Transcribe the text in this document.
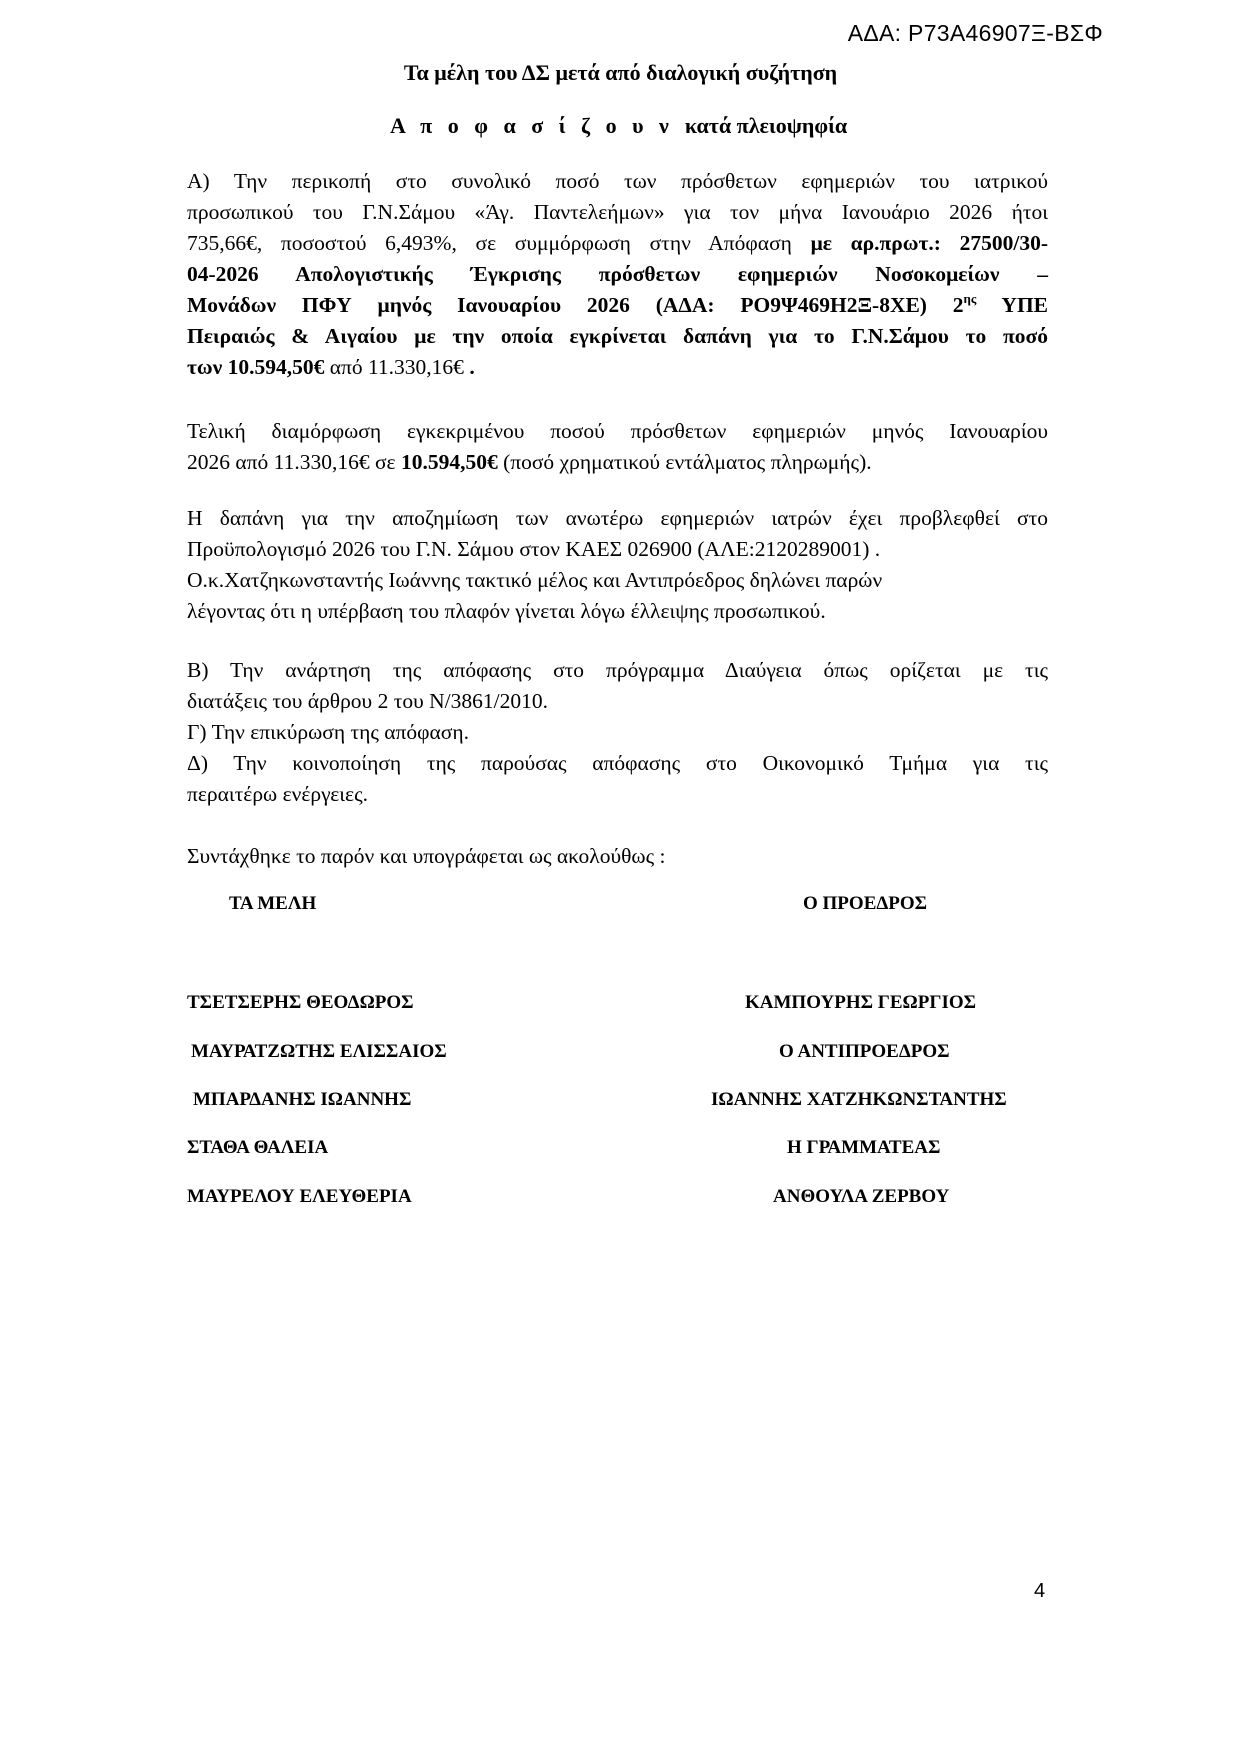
ΑΔΑ: Ρ73Α46907Ξ-ΒΣΦ
Τα μέλη του ΔΣ μετά από διαλογική συζήτηση
Α π ο φ α σ ί ζ ο υ ν κατά πλειοψηφία
Α) Την περικοπή στο συνολικό ποσό των πρόσθετων εφημεριών του ιατρικού
προσωπικού του Γ.Ν.Σάμου «Άγ. Παντελεήμων» για τον μήνα Ιανουάριο 2026 ήτοι
735,66€, ποσοστού 6,493%, σε συμμόρφωση στην Απόφαση με αρ.πρωτ.: 27500/30-
04-2026 Απολογιστικής Έγκρισης πρόσθετων εφημεριών Νοσοκομείων –
Μονάδων ΠΦΥ μηνός Ιανουαρίου 2026 (ΑΔΑ: ΡΟ9Ψ469Η2Ξ-8ΧΕ) $2^{\eta\varsigma}$ ΥΠΕ
Πειραιώς & Αιγαίου με την οποία εγκρίνεται δαπάνη για το Γ.Ν.Σάμου το ποσό
των 10.594,50€ από 11.330,16€ .
Τελική διαμόρφωση εγκεκριμένου ποσού πρόσθετων εφημεριών μηνός Ιανουαρίου
2026 από 11.330,16€ σε 10.594,50€ (ποσό χρηματικού εντάλματος πληρωμής).
Η δαπάνη για την αποζημίωση των ανωτέρω εφημεριών ιατρών έχει προβλεφθεί στο
Προϋπολογισμό 2026 του Γ.Ν. Σάμου στον ΚΑΕΣ 026900 (ΑΛΕ:2120289001) .
Ο.κ.Χατζηκωνσταντής Ιωάννης τακτικό μέλος και Αντιπρόεδρος δηλώνει παρών
λέγοντας ότι η υπέρβαση του πλαφόν γίνεται λόγω έλλειψης προσωπικού.
Β) Την ανάρτηση της απόφασης στο πρόγραμμα Διαύγεια όπως ορίζεται με τις
διατάξεις του άρθρου 2 του Ν/3861/2010.
Γ) Την επικύρωση της απόφαση.
Δ) Την κοινοποίηση της παρούσας απόφασης στο Οικονομικό Τμήμα για τις
περαιτέρω ενέργειες.
Συντάχθηκε το παρόν και υπογράφεται ως ακολούθως :
ΤΑ ΜΕΛΗ	Ο ΠΡΟΕΔΡΟΣ
ΤΣΕΤΣΕΡΗΣ ΘΕΟΔΩΡΟΣ
ΜΑΥΡΑΤΖΩΤΗΣ ΕΛΙΣΣΑΙΟΣ
ΜΠΑΡΔΑΝΗΣ ΙΩΑΝΝΗΣ
ΣΤΑΘΑ ΘΑΛΕΙΑ
ΜΑΥΡΕΛΟΥ ΕΛΕΥΘΕΡΙΑ
ΚΑΜΠΟΥΡΗΣ ΓΕΩΡΓΙΟΣ
Ο ΑΝΤΙΠΡΟΕΔΡΟΣ
ΙΩΑΝΝΗΣ ΧΑΤΖΗΚΩΝΣΤΑΝΤΗΣ
Η ΓΡΑΜΜΑΤΕΑΣ
ΑΝΘΟΥΛΑ ΖΕΡΒΟΥ
4
